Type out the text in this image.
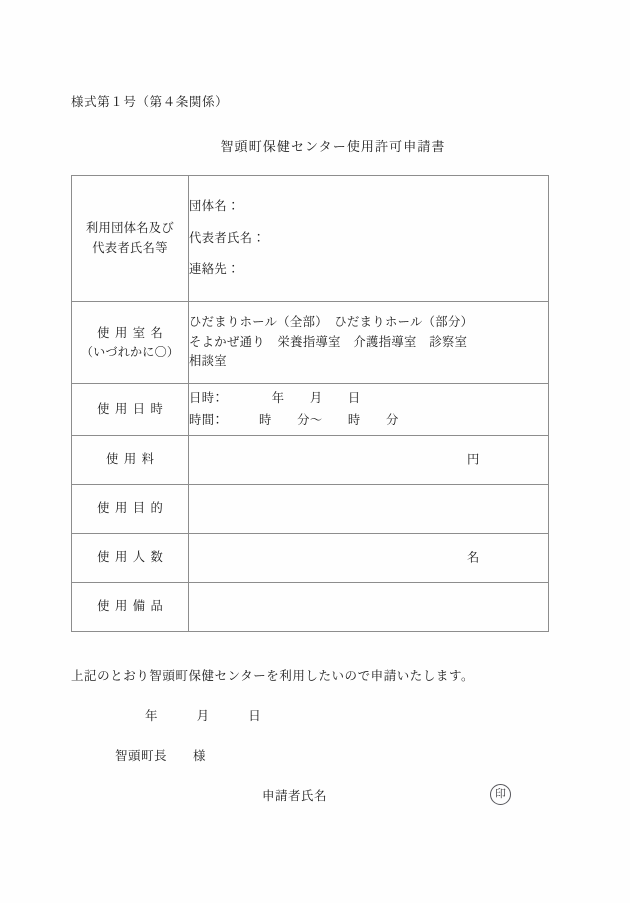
様式第１号（第４条関係）
智頭町保健センター使用許可申請書
利用団体名及び
代表者氏名等	団体名：
代表者氏名：
連絡先：

使用室名
（いづれかに〇）	ひだまりホール（全部）　ひだまりホール（部分）
そよかぜ通り　栄養指導室　介護指導室　診察室
相談室

使用日時	日時：　　　　年　　月　　日
時間：　　　時　　分～　　時　　分

使用料	円

使用目的	

使用人数	名

使用備品	

上記のとおり智頭町保健センターを利用したいので申請いたします。
年　　　月　　　日
智頭町長　　様
申請者氏名	印
